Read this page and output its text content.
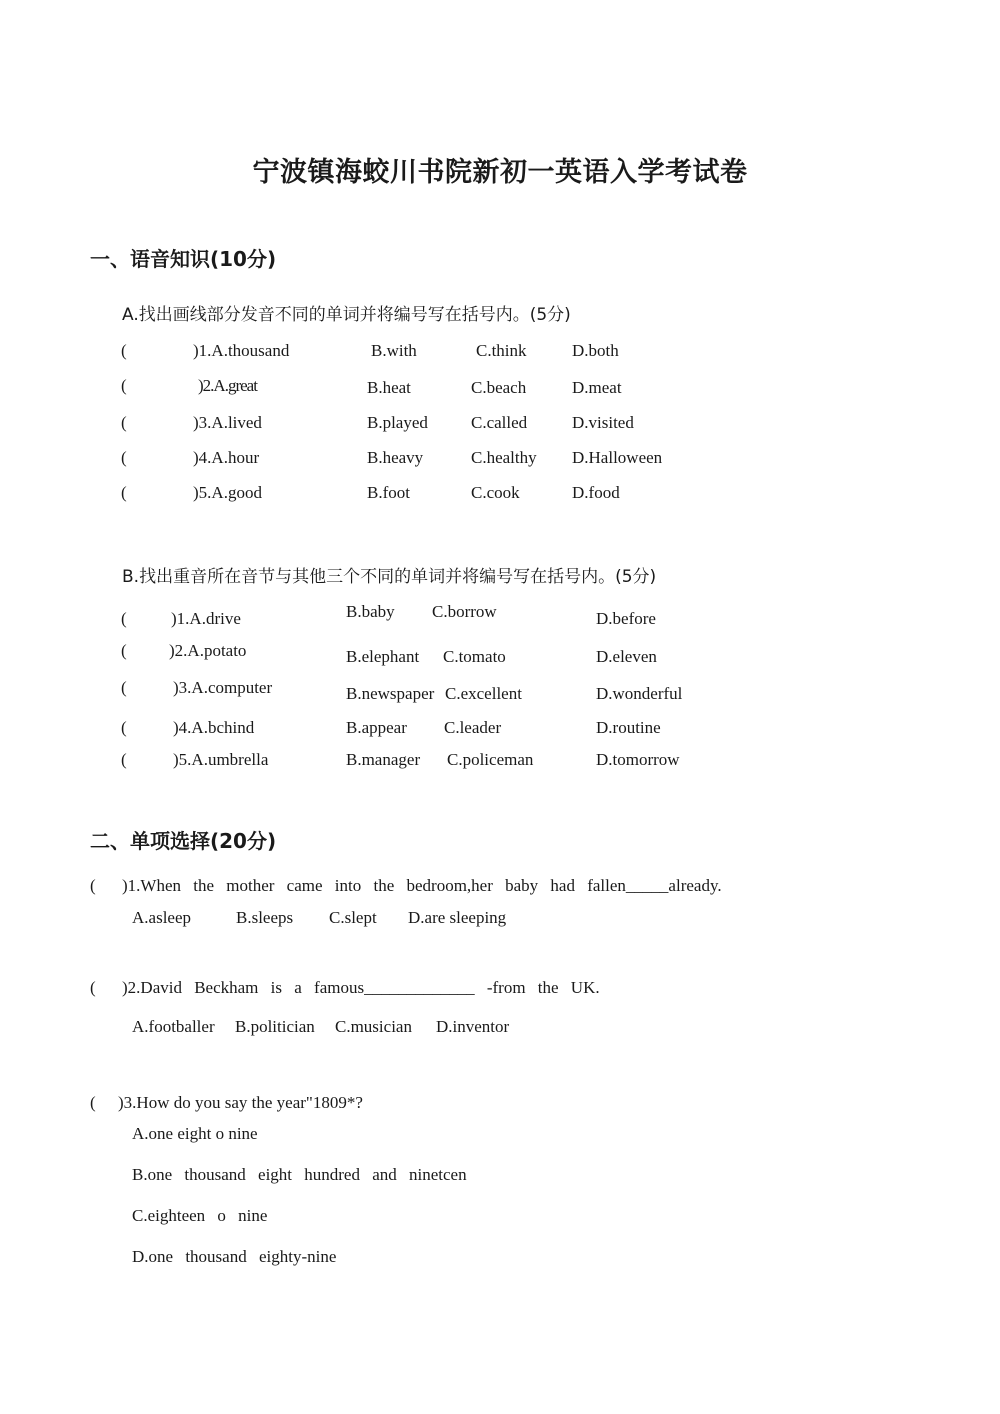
宁波镇海蛟川书院新初一英语入学考试卷
一、语音知识(10分)
A.找出画线部分发音不同的单词并将编号写在括号内。(5分)
(	)1.A.thousand	B.with	C.think	D.both
(	)2.A.great	B.heat	C.beach	D.meat
(	)3.A.lived	B.played	C.called	D.visited
(	)4.A.hour	B.heavy	C.healthy D.Halloween
(	)5.A.good	B.foot	C.cook	D.food
B.找出重音所在音节与其他三个不同的单词并将编号写在括号内。(5分)
(	)1.A.drive	B.baby C.borrow	D.before
( )2.A.potato	B.elephant C.tomato	D.eleven
(	)3.A.computer	B.newspaper C.excellent	D.wonderful
(	)4.A.bchind	B.appear C.leader	D.routine
(	)5.A.umbrella	B.manager C.policeman	D.tomorrow
二、单项选择(20分)
( )1.When the mother came into the bedroom,her baby had fallen_____already.
A.asleep	B.sleeps C.slept D.are sleeping
( )2.David Beckham is a famous_____________ -from the UK.
A.footballer B.politician C.musician D.inventor
( )3.How do you say the year"1809*?
A.one eight o nine
B.one thousand eight hundred and ninetcen
C.eighteen o nine
D.one thousand eighty-nine
